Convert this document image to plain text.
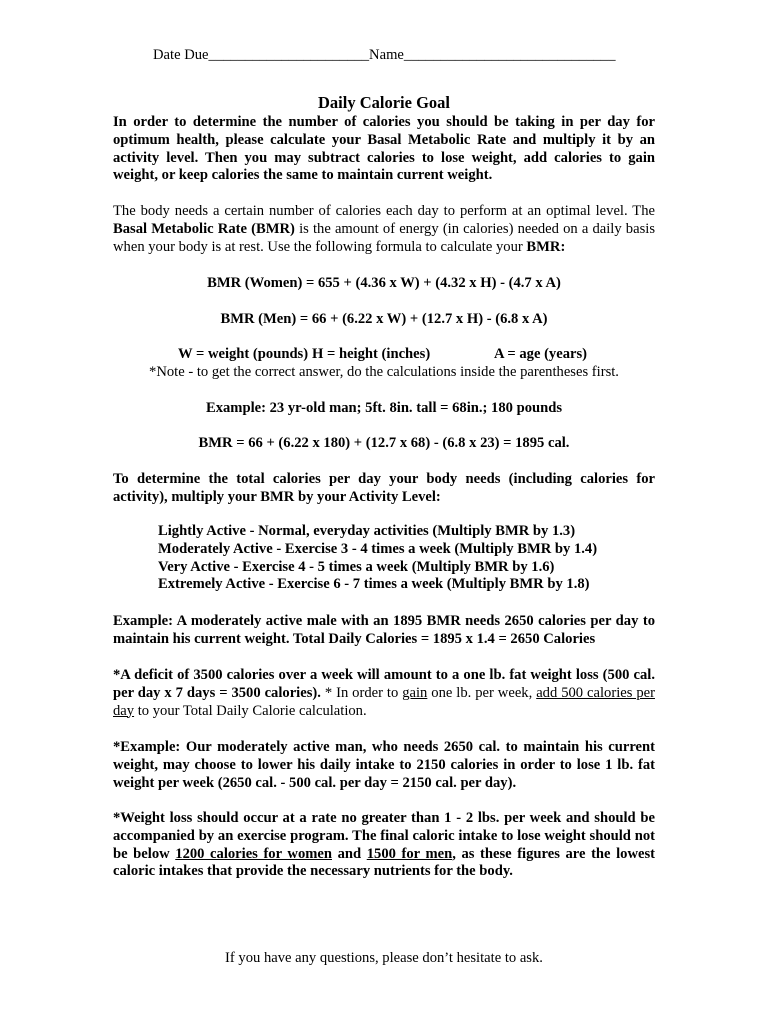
Date Due______________________Name_____________________________
Daily Calorie Goal

In order to determine the number of calories you should be taking in per day for optimum health, please calculate your Basal Metabolic Rate and multiply it by an activity level. Then you may subtract calories to lose weight, add calories to gain weight, or keep calories the same to maintain current weight.

The body needs a certain number of calories each day to perform at an optimal level. The Basal Metabolic Rate (BMR) is the amount of energy (in calories) needed on a daily basis when your body is at rest. Use the following formula to calculate your BMR:

BMR (Women) = 655 + (4.36 x W) + (4.32 x H) - (4.7 x A)

BMR (Men) = 66 + (6.22 x W) + (12.7 x H) - (6.8 x A)

W = weight (pounds) H = height (inches)	A = age (years)

*Note - to get the correct answer, do the calculations inside the parentheses first.

Example: 23 yr-old man; 5ft. 8in. tall = 68in.; 180 pounds

BMR = 66 + (6.22 x 180) + (12.7 x 68) - (6.8 x 23) = 1895 cal.

To determine the total calories per day your body needs (including calories for activity), multiply your BMR by your Activity Level:

Lightly Active - Normal, everyday activities (Multiply BMR by 1.3)
Moderately Active - Exercise 3 - 4 times a week (Multiply BMR by 1.4)
Very Active - Exercise 4 - 5 times a week (Multiply BMR by 1.6)
Extremely Active - Exercise 6 - 7 times a week (Multiply BMR by 1.8)

Example: A moderately active male with an 1895 BMR needs 2650 calories per day to maintain his current weight. Total Daily Calories = 1895 x 1.4 = 2650 Calories

*A deficit of 3500 calories over a week will amount to a one lb. fat weight loss (500 cal. per day x 7 days = 3500 calories). * In order to gain one lb. per week, add 500 calories per day to your Total Daily Calorie calculation.

*Example: Our moderately active man, who needs 2650 cal. to maintain his current weight, may choose to lower his daily intake to 2150 calories in order to lose 1 lb. fat weight per week (2650 cal. - 500 cal. per day = 2150 cal. per day).

*Weight loss should occur at a rate no greater than 1 - 2 lbs. per week and should be accompanied by an exercise program. The final caloric intake to lose weight should not be below 1200 calories for women and 1500 for men, as these figures are the lowest caloric intakes that provide the necessary nutrients for the body.

If you have any questions, please don’t hesitate to ask.
